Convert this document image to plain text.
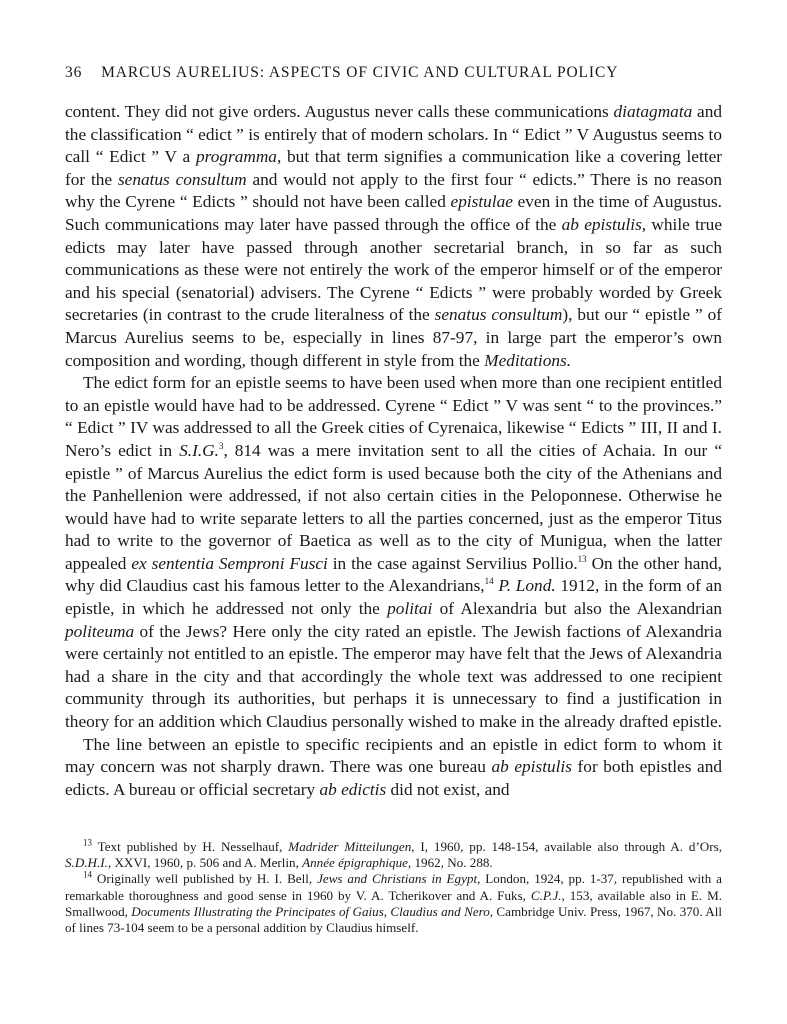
36 MARCUS AURELIUS: ASPECTS OF CIVIC AND CULTURAL POLICY

content. They did not give orders. Augustus never calls these communications diatagmata and the classification “ edict ” is entirely that of modern scholars. In “ Edict ” V Augustus seems to call “ Edict ” V a programma, but that term signifies a communication like a covering letter for the senatus consultum and would not apply to the first four “ edicts.” There is no reason why the Cyrene “ Edicts ” should not have been called epistulae even in the time of Augustus. Such communications may later have passed through the office of the ab epistulis, while true edicts may later have passed through another secretarial branch, in so far as such communications as these were not entirely the work of the emperor himself or of the emperor and his special (senatorial) advisers. The Cyrene “ Edicts ” were probably worded by Greek secretaries (in contrast to the crude literalness of the senatus consultum), but our “ epistle ” of Marcus Aurelius seems to be, especially in lines 87-97, in large part the emperor’s own composition and wording, though different in style from the Meditations.

The edict form for an epistle seems to have been used when more than one recipient entitled to an epistle would have had to be addressed. Cyrene “ Edict ” V was sent “ to the provinces.” “ Edict ” IV was addressed to all the Greek cities of Cyrenaica, likewise “ Edicts ” III, II and I. Nero’s edict in S.I.G.$^3$, 814 was a mere invitation sent to all the cities of Achaia. In our “ epistle ” of Marcus Aurelius the edict form is used because both the city of the Athenians and the Panhellenion were addressed, if not also certain cities in the Peloponnese. Otherwise he would have had to write separate letters to all the parties concerned, just as the emperor Titus had to write to the governor of Baetica as well as to the city of Munigua, when the latter appealed ex sententia Semproni Fusci in the case against Servilius Pollio.$^{13}$ On the other hand, why did Claudius cast his famous letter to the Alexandrians,$^{14}$ P. Lond. 1912, in the form of an epistle, in which he addressed not only the politai of Alexandria but also the Alexandrian politeuma of the Jews? Here only the city rated an epistle. The Jewish factions of Alexandria were certainly not entitled to an epistle. The emperor may have felt that the Jews of Alexandria had a share in the city and that accordingly the whole text was addressed to one recipient community through its authorities, but perhaps it is unnecessary to find a justification in theory for an addition which Claudius personally wished to make in the already drafted epistle.

The line between an epistle to specific recipients and an epistle in edict form to whom it may concern was not sharply drawn. There was one bureau ab epistulis for both epistles and edicts. A bureau or official secretary ab edictis did not exist, and

$^{13}$ Text published by H. Nesselhauf, Madrider Mitteilungen, I, 1960, pp. 148-154, available also through A. d’Ors, S.D.H.I., XXVI, 1960, p. 506 and A. Merlin, Année épigraphique, 1962, No. 288.

$^{14}$ Originally well published by H. I. Bell, Jews and Christians in Egypt, London, 1924, pp. 1-37, republished with a remarkable thoroughness and good sense in 1960 by V. A. Tcherikover and A. Fuks, C.P.J., 153, available also in E. M. Smallwood, Documents Illustrating the Principates of Gaius, Claudius and Nero, Cambridge Univ. Press, 1967, No. 370. All of lines 73-104 seem to be a personal addition by Claudius himself.
